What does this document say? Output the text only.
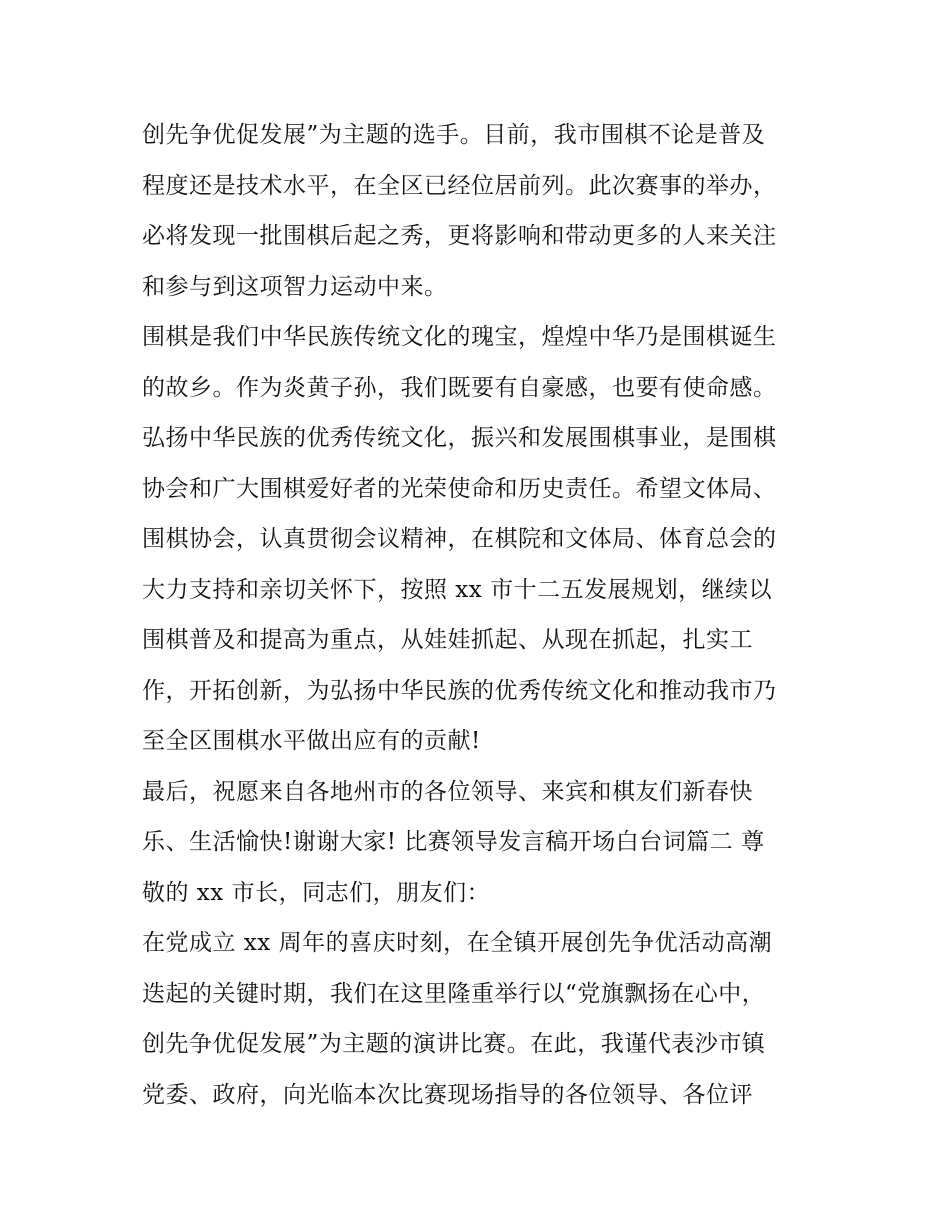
创先争优促发展”为主题的选手。目前，我市围棋不论是普及
程度还是技术水平，在全区已经位居前列。此次赛事的举办，
必将发现一批围棋后起之秀，更将影响和带动更多的人来关注
和参与到这项智力运动中来。
围棋是我们中华民族传统文化的瑰宝，煌煌中华乃是围棋诞生
的故乡。作为炎黄子孙，我们既要有自豪感，也要有使命感。
弘扬中华民族的优秀传统文化，振兴和发展围棋事业，是围棋
协会和广大围棋爱好者的光荣使命和历史责任。希望文体局、
围棋协会，认真贯彻会议精神，在棋院和文体局、体育总会的
大力支持和亲切关怀下，按照 xx 市十二五发展规划，继续以
围棋普及和提高为重点，从娃娃抓起、从现在抓起，扎实工
作，开拓创新，为弘扬中华民族的优秀传统文化和推动我市乃
至全区围棋水平做出应有的贡献!
最后，祝愿来自各地州市的各位领导、来宾和棋友们新春快
乐、生活愉快!谢谢大家! 比赛领导发言稿开场白台词篇二 尊
敬的 xx 市长，同志们，朋友们：
在党成立 xx 周年的喜庆时刻，在全镇开展创先争优活动高潮
迭起的关键时期，我们在这里隆重举行以“党旗飘扬在心中，
创先争优促发展”为主题的演讲比赛。在此，我谨代表沙市镇
党委、政府，向光临本次比赛现场指导的各位领导、各位评
